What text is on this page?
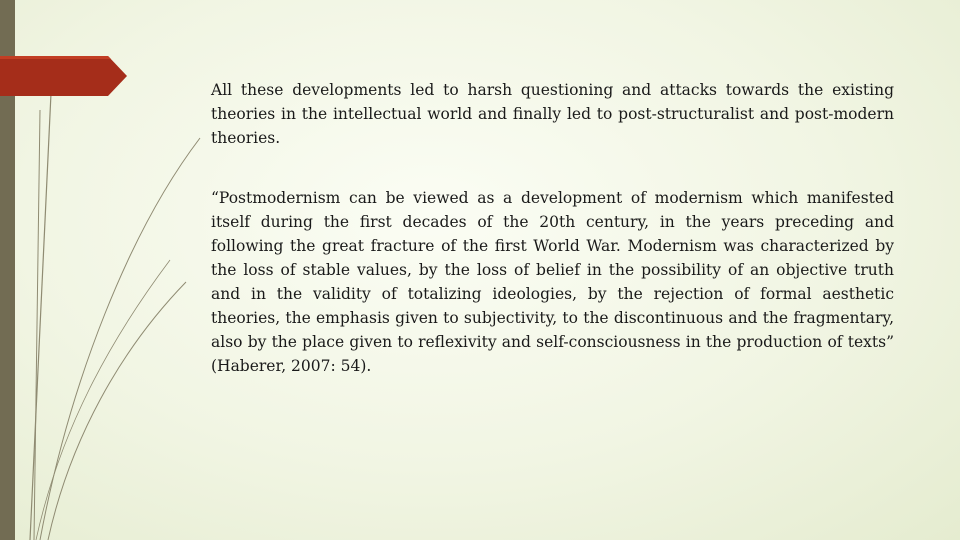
All these developments led to harsh questioning and attacks towards the existing theories in the intellectual world and finally led to post-structuralist and post-modern theories.

“Postmodernism can be viewed as a development of modernism which manifested itself during the first decades of the 20th century, in the years preceding and following the great fracture of the first World War. Modernism was characterized by the loss of stable values, by the loss of belief in the possibility of an objective truth and in the validity of totalizing ideologies, by the rejection of formal aesthetic theories, the emphasis given to subjectivity, to the discontinuous and the fragmentary, also by the place given to reflexivity and self-consciousness in the production of texts” (Haberer, 2007: 54).
